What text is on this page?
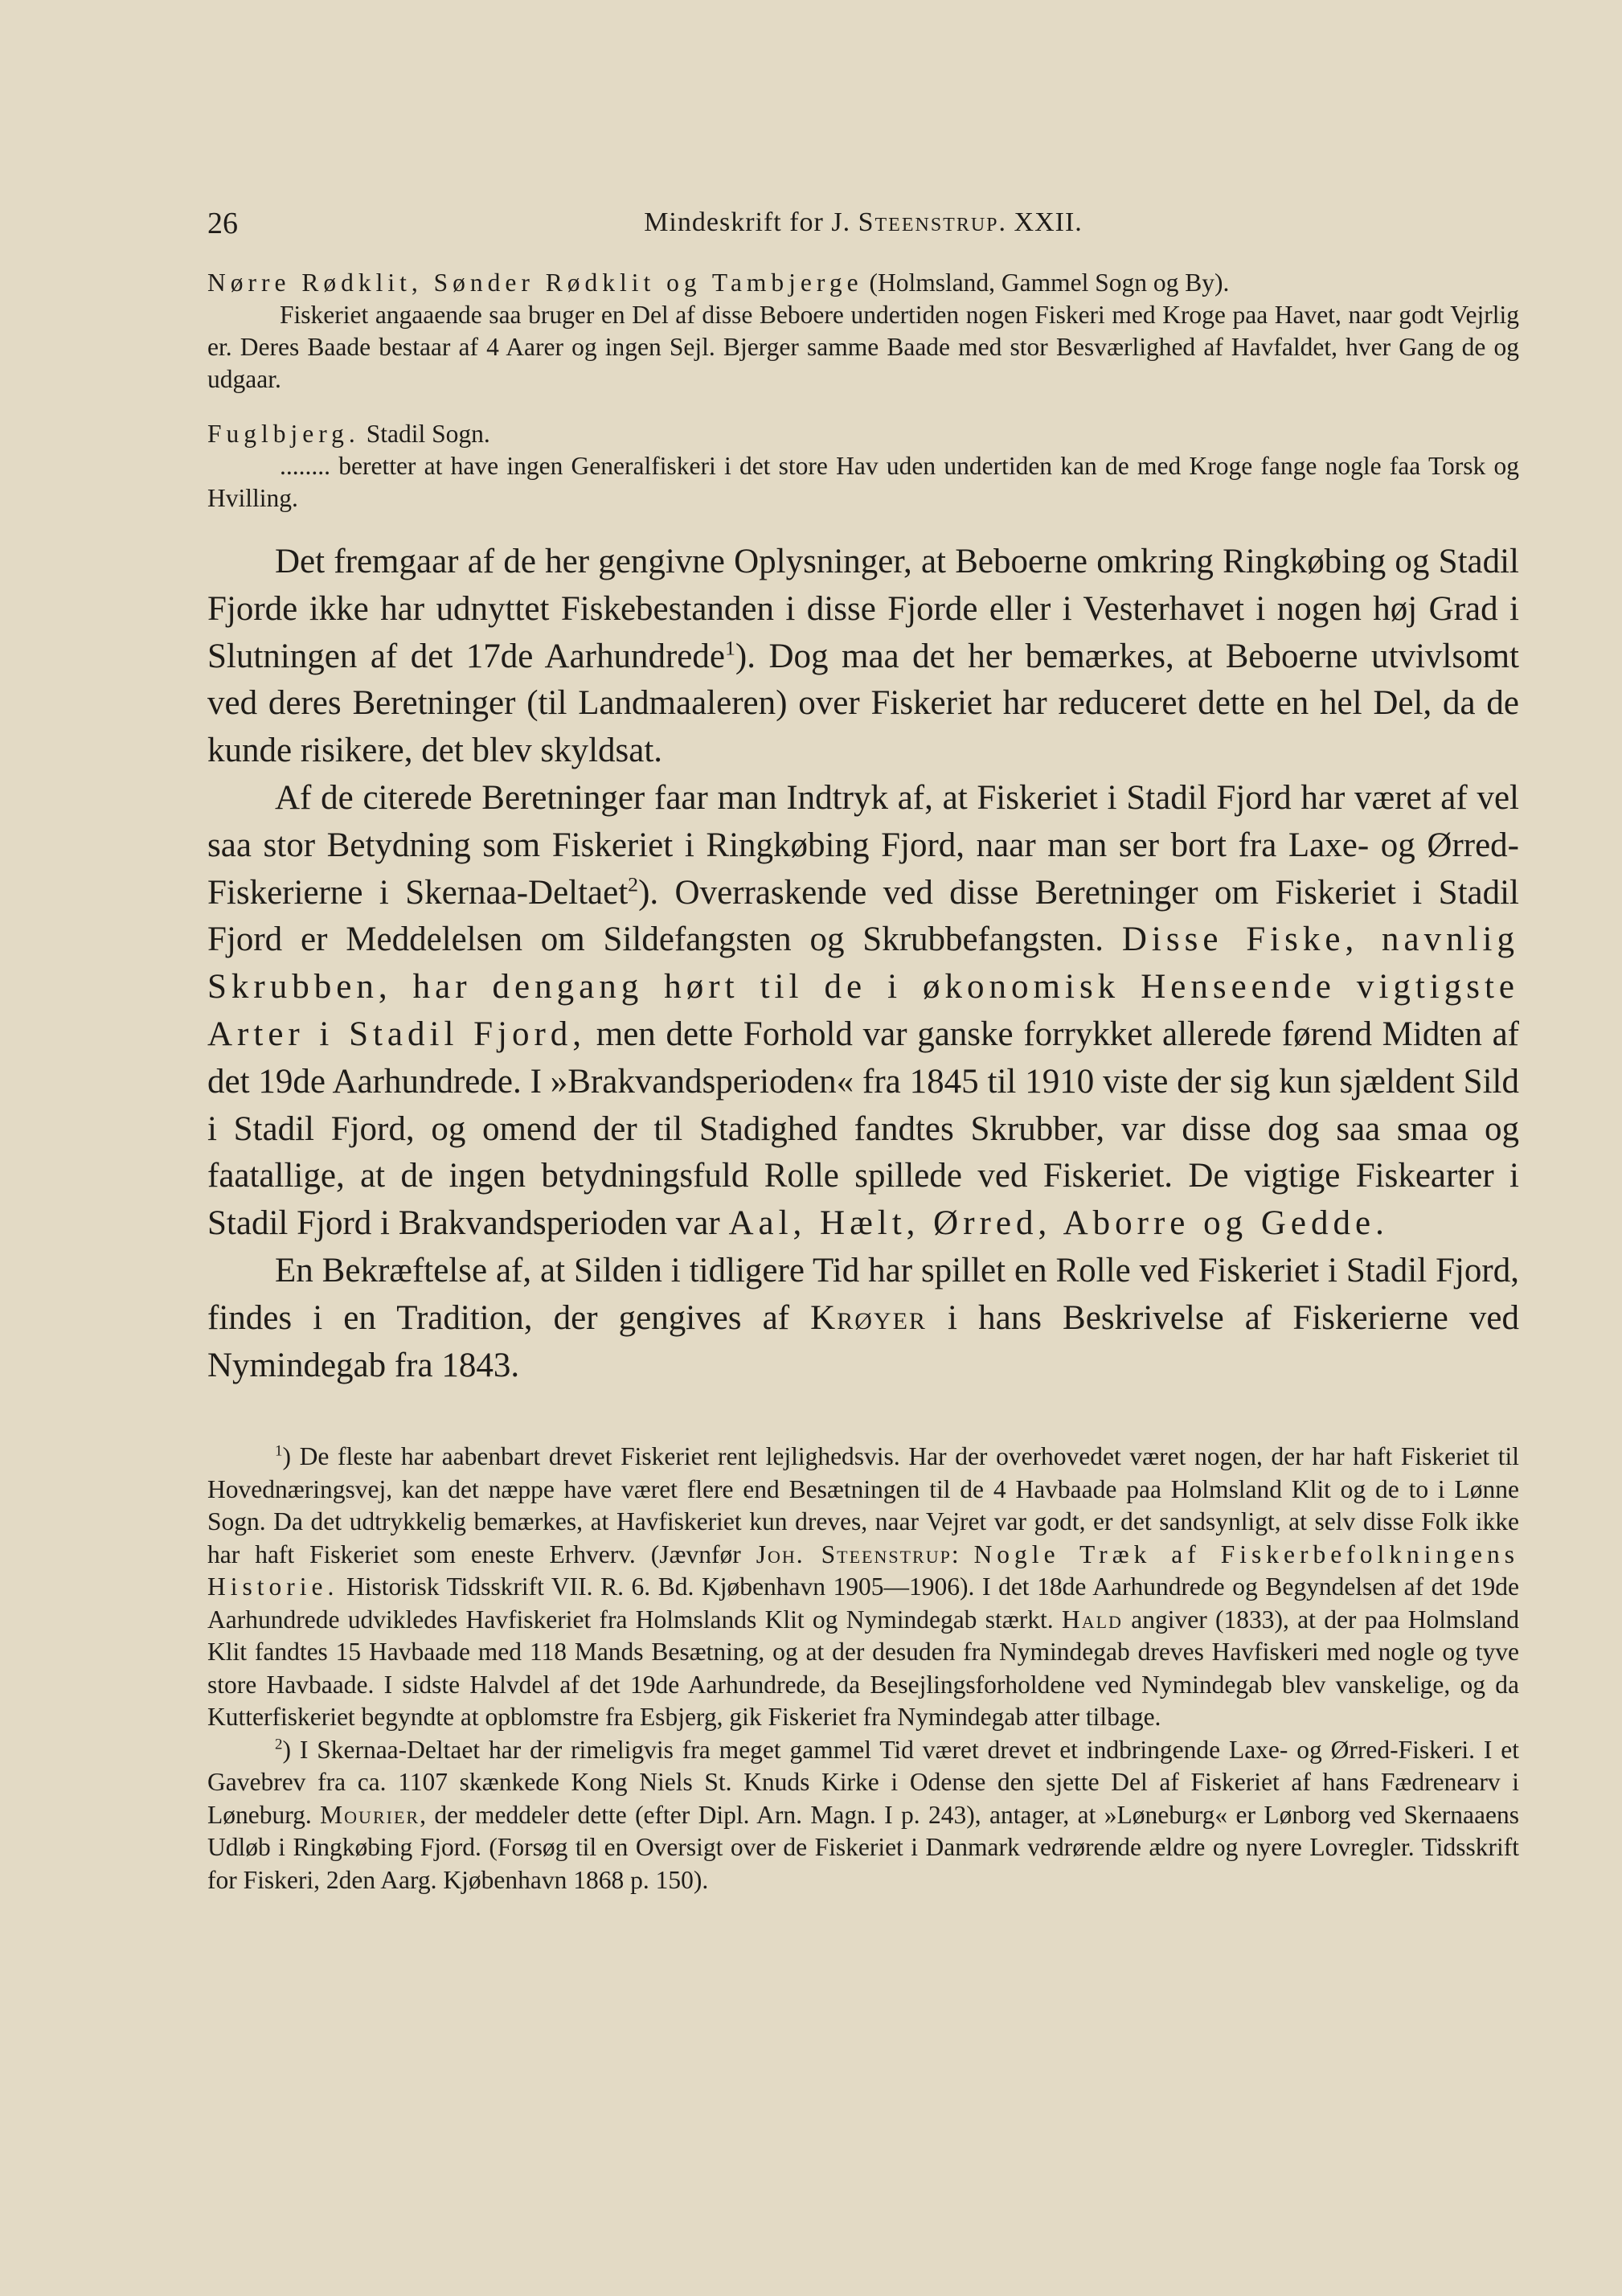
26	Mindeskrift for J. Steenstrup. XXII.

Nørre Rødklit, Sønder Rødklit og Tambjerge (Holmsland, Gammel Sogn og By).

Fiskeriet angaaende saa bruger en Del af disse Beboere undertiden nogen Fiskeri med Kroge paa Havet, naar godt Vejrlig er. Deres Baade bestaar af 4 Aarer og ingen Sejl. Bjerger samme Baade med stor Besværlighed af Havfaldet, hver Gang de og udgaar.

Fuglbjerg. Stadil Sogn.

........ beretter at have ingen Generalfiskeri i det store Hav uden undertiden kan de med Kroge fange nogle faa Torsk og Hvilling.

Det fremgaar af de her gengivne Oplysninger, at Beboerne omkring Ringkøbing og Stadil Fjorde ikke har udnyttet Fiskebestanden i disse Fjorde eller i Vesterhavet i nogen høj Grad i Slutningen af det 17de Aarhundrede$^1$). Dog maa det her bemærkes, at Beboerne utvivlsomt ved deres Beretninger (til Landmaaleren) over Fiskeriet har reduceret dette en hel Del, da de kunde risikere, det blev skyldsat.

Af de citerede Beretninger faar man Indtryk af, at Fiskeriet i Stadil Fjord har været af vel saa stor Betydning som Fiskeriet i Ringkøbing Fjord, naar man ser bort fra Laxe- og Ørred-Fiskerierne i Skernaa-Deltaet$^2$). Overraskende ved disse Beretninger om Fiskeriet i Stadil Fjord er Meddelelsen om Sildefangsten og Skrubbefangsten. Disse Fiske, navnlig Skrubben, har dengang hørt til de i økonomisk Henseende vigtigste Arter i Stadil Fjord, men dette Forhold var ganske forrykket allerede førend Midten af det 19de Aarhundrede. I »Brakvandsperioden« fra 1845 til 1910 viste der sig kun sjældent Sild i Stadil Fjord, og omend der til Stadighed fandtes Skrubber, var disse dog saa smaa og faatallige, at de ingen betydningsfuld Rolle spillede ved Fiskeriet. De vigtige Fiskearter i Stadil Fjord i Brakvandsperioden var Aal, Hælt, Ørred, Aborre og Gedde.

En Bekræftelse af, at Silden i tidligere Tid har spillet en Rolle ved Fiskeriet i Stadil Fjord, findes i en Tradition, der gengives af Krøyer i hans Beskrivelse af Fiskerierne ved Nymindegab fra 1843.

$^1$) De fleste har aabenbart drevet Fiskeriet rent lejlighedsvis. Har der overhovedet været nogen, der har haft Fiskeriet til Hovednæringsvej, kan det næppe have været flere end Besætningen til de 4 Havbaade paa Holmsland Klit og de to i Lønne Sogn. Da det udtrykkelig bemærkes, at Havfiskeriet kun dreves, naar Vejret var godt, er det sandsynligt, at selv disse Folk ikke har haft Fiskeriet som eneste Erhverv. (Jævnfør Joh. Steenstrup: Nogle Træk af Fiskerbefolkningens Historie. Historisk Tidsskrift VII. R. 6. Bd. Kjøbenhavn 1905—1906). I det 18de Aarhundrede og Begyndelsen af det 19de Aarhundrede udvikledes Havfiskeriet fra Holmslands Klit og Nymindegab stærkt. Hald angiver (1833), at der paa Holmsland Klit fandtes 15 Havbaade med 118 Mands Besætning, og at der desuden fra Nymindegab dreves Havfiskeri med nogle og tyve store Havbaade. I sidste Halvdel af det 19de Aarhundrede, da Besejlingsforholdene ved Nymindegab blev vanskelige, og da Kutterfiskeriet begyndte at opblomstre fra Esbjerg, gik Fiskeriet fra Nymindegab atter tilbage.

$^2$) I Skernaa-Deltaet har der rimeligvis fra meget gammel Tid været drevet et indbringende Laxe- og Ørred-Fiskeri. I et Gavebrev fra ca. 1107 skænkede Kong Niels St. Knuds Kirke i Odense den sjette Del af Fiskeriet af hans Fædrenearv i Løneburg. Mourier, der meddeler dette (efter Dipl. Arn. Magn. I p. 243), antager, at »Løneburg« er Lønborg ved Skernaaens Udløb i Ringkøbing Fjord. (Forsøg til en Oversigt over de Fiskeriet i Danmark vedrørende ældre og nyere Lovregler. Tidsskrift for Fiskeri, 2den Aarg. Kjøbenhavn 1868 p. 150).
